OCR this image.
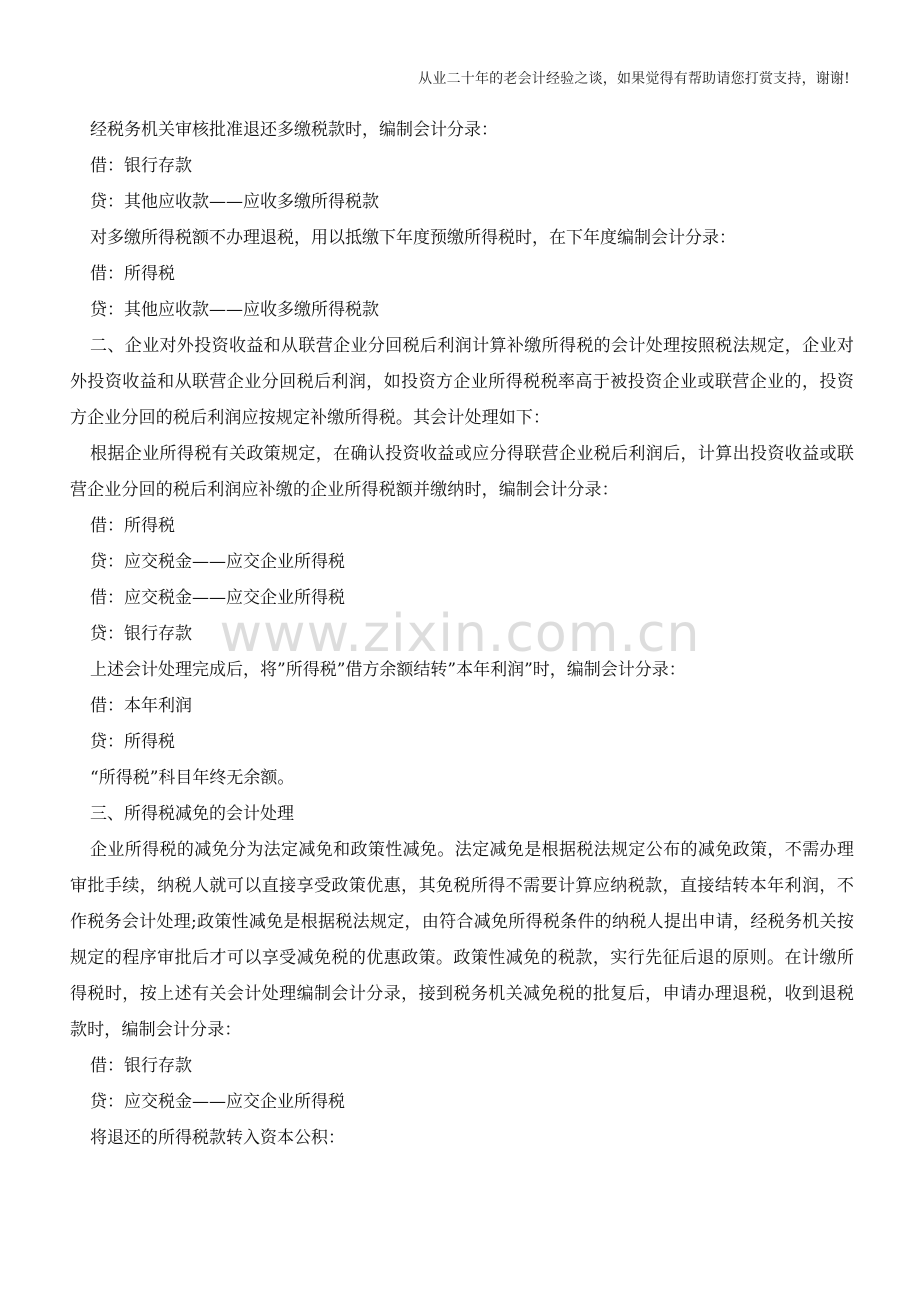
从业二十年的老会计经验之谈，如果觉得有帮助请您打赏支持，谢谢!
www.zixin.com.cn
经税务机关审核批准退还多缴税款时，编制会计分录：
借：银行存款
贷：其他应收款——应收多缴所得税款
对多缴所得税额不办理退税，用以抵缴下年度预缴所得税时，在下年度编制会计分录：
借：所得税
贷：其他应收款——应收多缴所得税款
二、企业对外投资收益和从联营企业分回税后利润计算补缴所得税的会计处理按照税法规定，企业对外投资收益和从联营企业分回税后利润，如投资方企业所得税税率高于被投资企业或联营企业的，投资方企业分回的税后利润应按规定补缴所得税。其会计处理如下：
根据企业所得税有关政策规定，在确认投资收益或应分得联营企业税后利润后，计算出投资收益或联营企业分回的税后利润应补缴的企业所得税额并缴纳时，编制会计分录：
借：所得税
贷：应交税金——应交企业所得税
借：应交税金——应交企业所得税
贷：银行存款
上述会计处理完成后，将”所得税”借方余额结转”本年利润”时，编制会计分录：
借：本年利润
贷：所得税
“所得税”科目年终无余额。
三、所得税减免的会计处理
企业所得税的减免分为法定减免和政策性减免。法定减免是根据税法规定公布的减免政策，不需办理审批手续，纳税人就可以直接享受政策优惠，其免税所得不需要计算应纳税款，直接结转本年利润，不作税务会计处理;政策性减免是根据税法规定，由符合减免所得税条件的纳税人提出申请，经税务机关按规定的程序审批后才可以享受减免税的优惠政策。政策性减免的税款，实行先征后退的原则。在计缴所得税时，按上述有关会计处理编制会计分录，接到税务机关减免税的批复后，申请办理退税，收到退税款时，编制会计分录：
借：银行存款
贷：应交税金——应交企业所得税
将退还的所得税款转入资本公积：
